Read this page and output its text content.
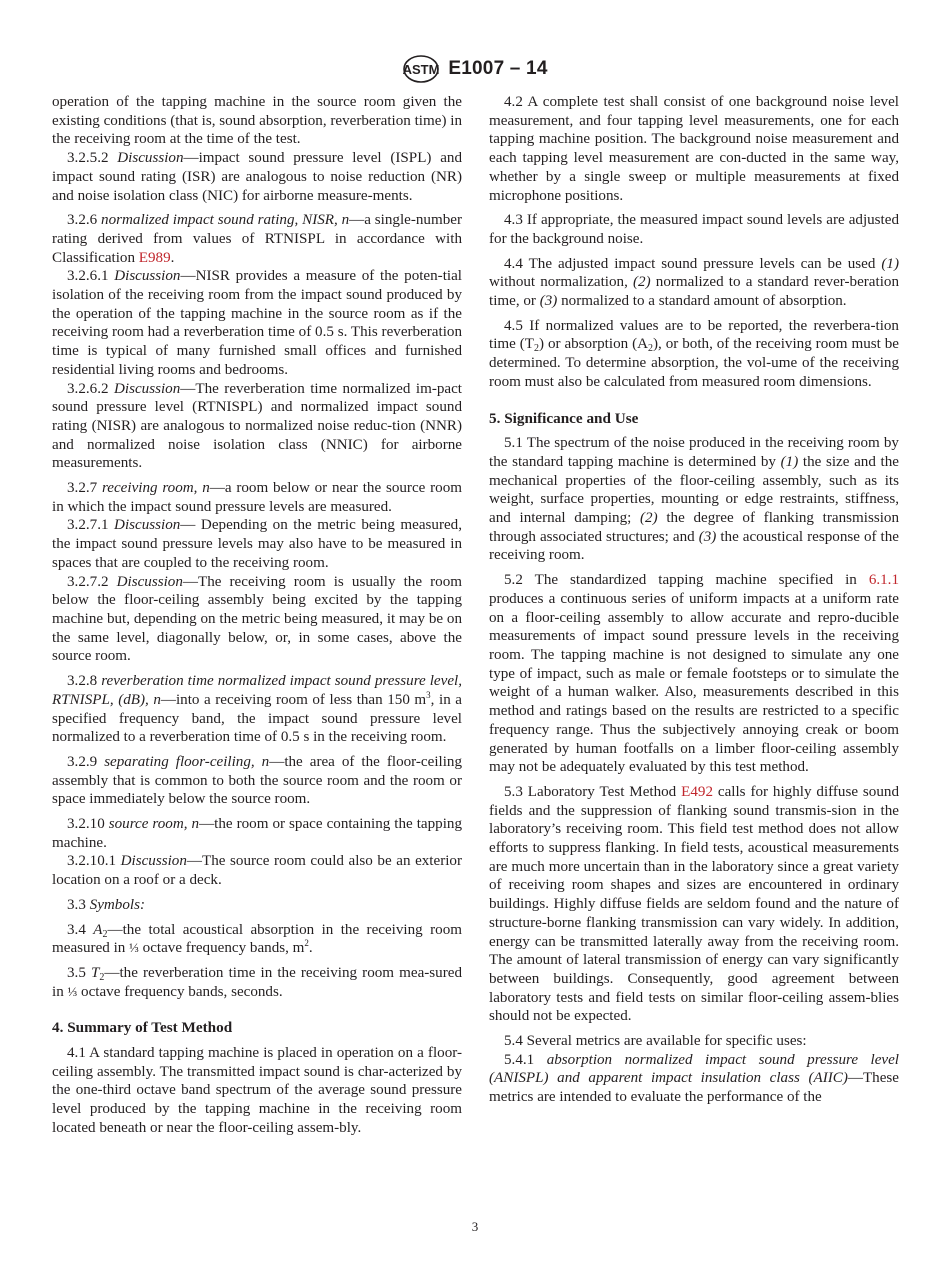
ASTM E1007 – 14

operation of the tapping machine in the source room given the existing conditions (that is, sound absorption, reverberation time) in the receiving room at the time of the test.

3.2.5.2 Discussion—impact sound pressure level (ISPL) and impact sound rating (ISR) are analogous to noise reduction (NR) and noise isolation class (NIC) for airborne measure-ments.

3.2.6 normalized impact sound rating, NISR, n—a single-number rating derived from values of RTNISPL in accordance with Classification E989.

3.2.6.1 Discussion—NISR provides a measure of the poten-tial isolation of the receiving room from the impact sound produced by the operation of the tapping machine in the source room as if the receiving room had a reverberation time of 0.5 s. This reverberation time is typical of many furnished small offices and furnished residential living rooms and bedrooms.

3.2.6.2 Discussion—The reverberation time normalized im-pact sound pressure level (RTNISPL) and normalized impact sound rating (NISR) are analogous to normalized noise reduc-tion (NNR) and normalized noise isolation class (NNIC) for airborne measurements.

3.2.7 receiving room, n—a room below or near the source room in which the impact sound pressure levels are measured.

3.2.7.1 Discussion— Depending on the metric being measured, the impact sound pressure levels may also have to be measured in spaces that are coupled to the receiving room.

3.2.7.2 Discussion—The receiving room is usually the room below the floor-ceiling assembly being excited by the tapping machine but, depending on the metric being measured, it may be on the same level, diagonally below, or, in some cases, above the source room.

3.2.8 reverberation time normalized impact sound pressure level, RTNISPL, (dB), n—into a receiving room of less than 150 $m^3$, in a specified frequency band, the impact sound pressure level normalized to a reverberation time of 0.5 s in the receiving room.

3.2.9 separating floor-ceiling, n—the area of the floor-ceiling assembly that is common to both the source room and the room or space immediately below the source room.

3.2.10 source room, n—the room or space containing the tapping machine.

3.2.10.1 Discussion—The source room could also be an exterior location on a roof or a deck.

3.3 Symbols:

3.4 $A_2—the$ total acoustical absorption in the receiving room measured in ⅓ octave frequency bands, $m^2$.

3.5 $T_2—the$ reverberation time in the receiving room mea-sured in ⅓ octave frequency bands, seconds.

4. Summary of Test Method

4.1 A standard tapping machine is placed in operation on a floor-ceiling assembly. The transmitted impact sound is char-acterized by the one-third octave band spectrum of the average sound pressure level produced by the tapping machine in the receiving room located beneath or near the floor-ceiling assem-bly.

4.2 A complete test shall consist of one background noise level measurement, and four tapping level measurements, one for each tapping machine position. The background noise measurement and each tapping level measurement are con-ducted in the same way, whether by a single sweep or multiple measurements at fixed microphone positions.

4.3 If appropriate, the measured impact sound levels are adjusted for the background noise.

4.4 The adjusted impact sound pressure levels can be used (1) without normalization, (2) normalized to a standard rever-beration time, or (3) normalized to a standard amount of absorption.

4.5 If normalized values are to be reported, the reverbera-tion time $(T_2)$ or absorption $(A_2)$, or both, of the receiving room must be determined. To determine absorption, the vol-ume of the receiving room must also be calculated from measured room dimensions.

5. Significance and Use

5.1 The spectrum of the noise produced in the receiving room by the standard tapping machine is determined by (1) the size and the mechanical properties of the floor-ceiling assembly, such as its weight, surface properties, mounting or edge restraints, stiffness, and internal damping; (2) the degree of flanking transmission through associated structures; and (3) the acoustical response of the receiving room.

5.2 The standardized tapping machine specified in 6.1.1 produces a continuous series of uniform impacts at a uniform rate on a floor-ceiling assembly to allow accurate and repro-ducible measurements of impact sound pressure levels in the receiving room. The tapping machine is not designed to simulate any one type of impact, such as male or female footsteps or to simulate the weight of a human walker. Also, measurements described in this method and ratings based on the results are restricted to a specific frequency range. Thus the subjectively annoying creak or boom generated by human footfalls on a limber floor-ceiling assembly may not be adequately evaluated by this test method.

5.3 Laboratory Test Method E492 calls for highly diffuse sound fields and the suppression of flanking sound transmis-sion in the laboratory’s receiving room. This field test method does not allow efforts to suppress flanking. In field tests, acoustical measurements are much more uncertain than in the laboratory since a great variety of receiving room shapes and sizes are encountered in ordinary buildings. Highly diffuse fields are seldom found and the nature of structure-borne flanking transmission can vary widely. In addition, energy can be transmitted laterally away from the receiving room. The amount of lateral transmission of energy can vary significantly between buildings. Consequently, good agreement between laboratory tests and field tests on similar floor-ceiling assem-blies should not be expected.

5.4 Several metrics are available for specific uses:

5.4.1 absorption normalized impact sound pressure level (ANISPL) and apparent impact insulation class (AIIC)—These metrics are intended to evaluate the performance of the

3
